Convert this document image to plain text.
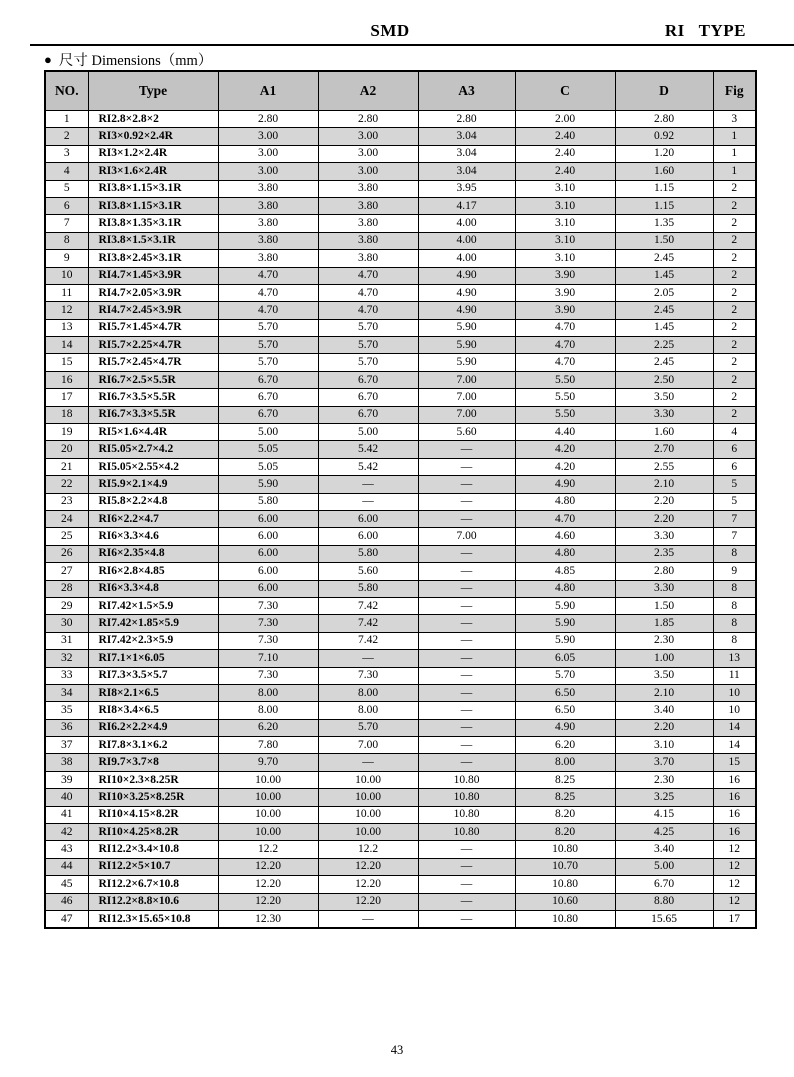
SMD	RI   TYPE
● 尺寸 Dimensions（mm）
NO.	Type	A1	A2	A3	C	D	Fig
1	RI2.8×2.8×2	2.80	2.80	2.80	2.00	2.80	3
2	RI3×0.92×2.4R	3.00	3.00	3.04	2.40	0.92	1
3	RI3×1.2×2.4R	3.00	3.00	3.04	2.40	1.20	1
4	RI3×1.6×2.4R	3.00	3.00	3.04	2.40	1.60	1
5	RI3.8×1.15×3.1R	3.80	3.80	3.95	3.10	1.15	2
6	RI3.8×1.15×3.1R	3.80	3.80	4.17	3.10	1.15	2
7	RI3.8×1.35×3.1R	3.80	3.80	4.00	3.10	1.35	2
8	RI3.8×1.5×3.1R	3.80	3.80	4.00	3.10	1.50	2
9	RI3.8×2.45×3.1R	3.80	3.80	4.00	3.10	2.45	2
10	RI4.7×1.45×3.9R	4.70	4.70	4.90	3.90	1.45	2
11	RI4.7×2.05×3.9R	4.70	4.70	4.90	3.90	2.05	2
12	RI4.7×2.45×3.9R	4.70	4.70	4.90	3.90	2.45	2
13	RI5.7×1.45×4.7R	5.70	5.70	5.90	4.70	1.45	2
14	RI5.7×2.25×4.7R	5.70	5.70	5.90	4.70	2.25	2
15	RI5.7×2.45×4.7R	5.70	5.70	5.90	4.70	2.45	2
16	RI6.7×2.5×5.5R	6.70	6.70	7.00	5.50	2.50	2
17	RI6.7×3.5×5.5R	6.70	6.70	7.00	5.50	3.50	2
18	RI6.7×3.3×5.5R	6.70	6.70	7.00	5.50	3.30	2
19	RI5×1.6×4.4R	5.00	5.00	5.60	4.40	1.60	4
20	RI5.05×2.7×4.2	5.05	5.42	—	4.20	2.70	6
21	RI5.05×2.55×4.2	5.05	5.42	—	4.20	2.55	6
22	RI5.9×2.1×4.9	5.90	—	—	4.90	2.10	5
23	RI5.8×2.2×4.8	5.80	—	—	4.80	2.20	5
24	RI6×2.2×4.7	6.00	6.00	—	4.70	2.20	7
25	RI6×3.3×4.6	6.00	6.00	7.00	4.60	3.30	7
26	RI6×2.35×4.8	6.00	5.80	—	4.80	2.35	8
27	RI6×2.8×4.85	6.00	5.60	—	4.85	2.80	9
28	RI6×3.3×4.8	6.00	5.80	—	4.80	3.30	8
29	RI7.42×1.5×5.9	7.30	7.42	—	5.90	1.50	8
30	RI7.42×1.85×5.9	7.30	7.42	—	5.90	1.85	8
31	RI7.42×2.3×5.9	7.30	7.42	—	5.90	2.30	8
32	RI7.1×1×6.05	7.10	—	—	6.05	1.00	13
33	RI7.3×3.5×5.7	7.30	7.30	—	5.70	3.50	11
34	RI8×2.1×6.5	8.00	8.00	—	6.50	2.10	10
35	RI8×3.4×6.5	8.00	8.00	—	6.50	3.40	10
36	RI6.2×2.2×4.9	6.20	5.70	—	4.90	2.20	14
37	RI7.8×3.1×6.2	7.80	7.00	—	6.20	3.10	14
38	RI9.7×3.7×8	9.70	—	—	8.00	3.70	15
39	RI10×2.3×8.25R	10.00	10.00	10.80	8.25	2.30	16
40	RI10×3.25×8.25R	10.00	10.00	10.80	8.25	3.25	16
41	RI10×4.15×8.2R	10.00	10.00	10.80	8.20	4.15	16
42	RI10×4.25×8.2R	10.00	10.00	10.80	8.20	4.25	16
43	RI12.2×3.4×10.8	12.2	12.2	—	10.80	3.40	12
44	RI12.2×5×10.7	12.20	12.20	—	10.70	5.00	12
45	RI12.2×6.7×10.8	12.20	12.20	—	10.80	6.70	12
46	RI12.2×8.8×10.6	12.20	12.20	—	10.60	8.80	12
47	RI12.3×15.65×10.8	12.30	—	—	10.80	15.65	17
43
